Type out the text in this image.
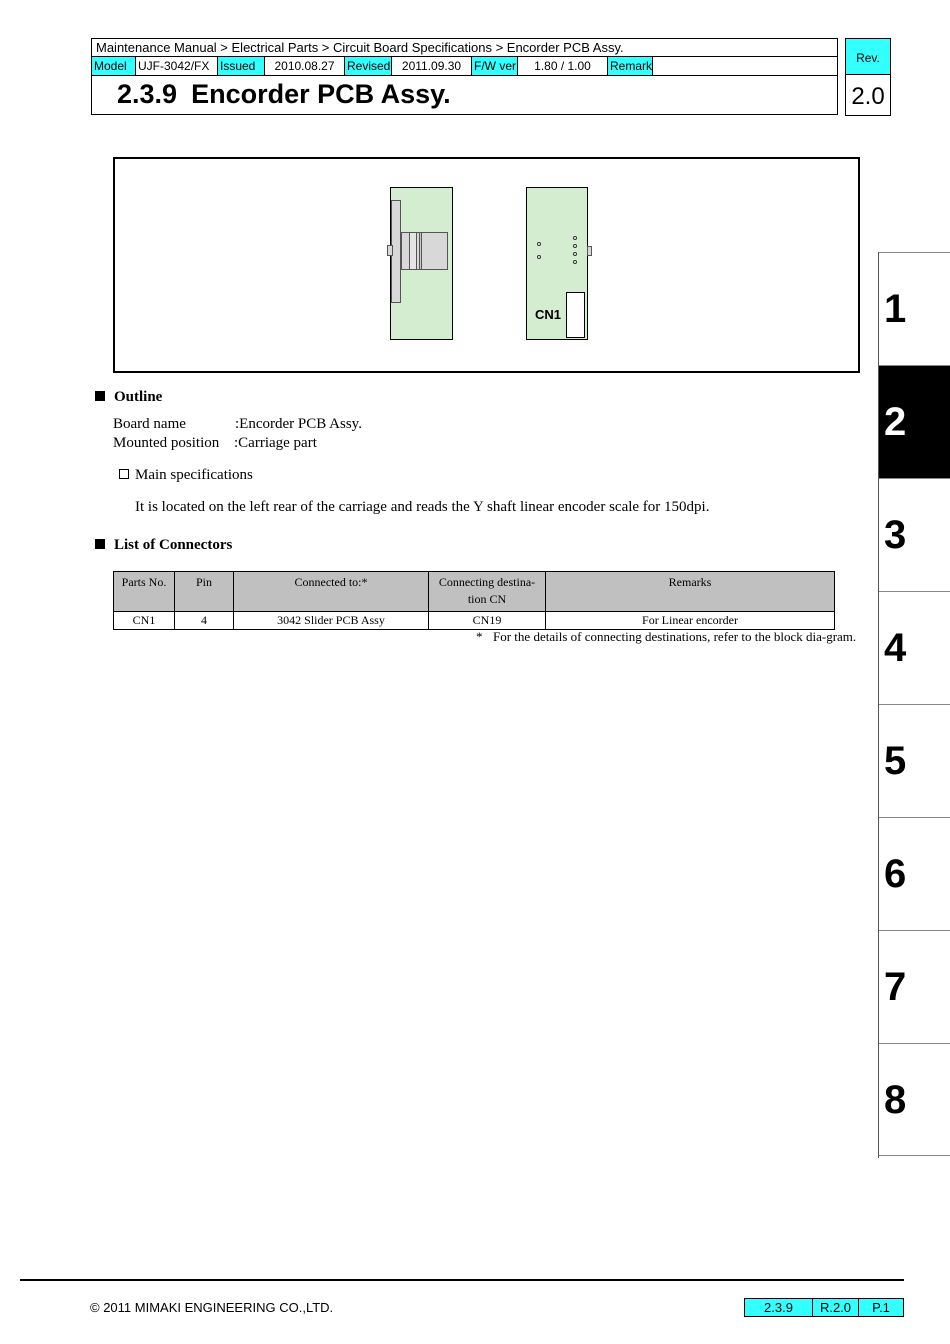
Maintenance Manual > Electrical Parts > Circuit Board Specifications > Encorder PCB Assy.
Model UJF-3042/FX Issued	2010.08.27	Revised 2011.09.30	F/W ver	1.80 / 1.00	Remark
2.3.9 Encorder PCB Assy.
Rev.
2.0
CN1
Outline
Board name	:Encorder PCB Assy.
Mounted position :Carriage part
Main specifications
It is located on the left rear of the carriage and reads the Y shaft linear encoder scale for 150dpi.
List of Connectors
Parts No.	Pin	Connected to:*	Connecting destina-tion CN	Remarks
CN1	4	3042 Slider PCB Assy	CN19	For Linear encorder
* For the details of connecting destinations, refer to the block dia-gram.
1
2
3
4
5
6
7
8
© 2011 MIMAKI ENGINEERING CO.,LTD.	2.3.9	R.2.0	P.1
